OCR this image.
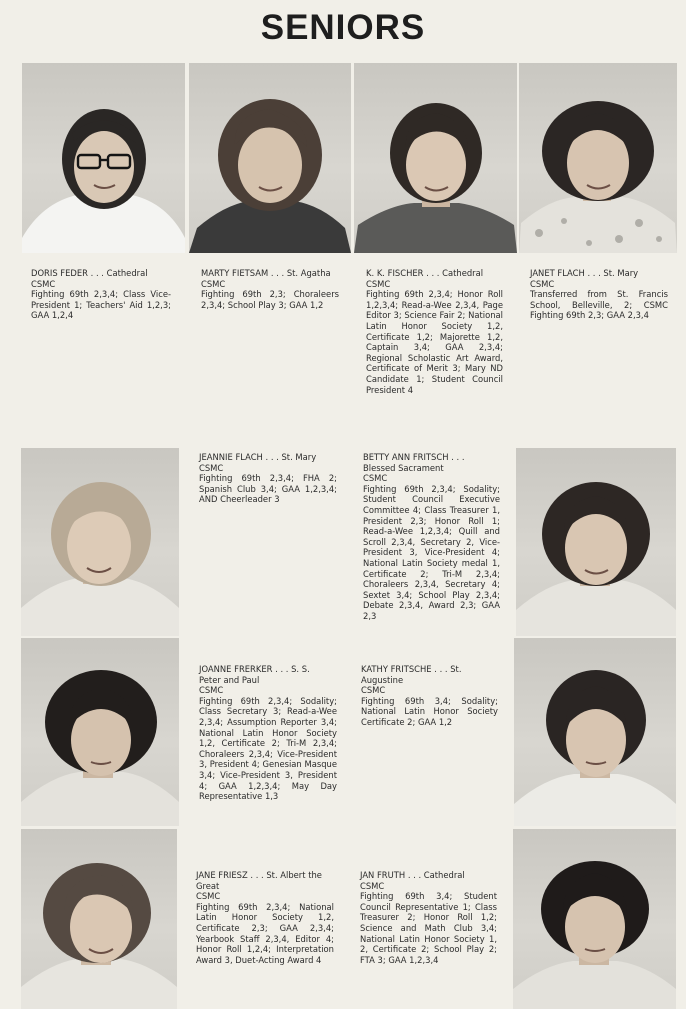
SENIORS
DORIS FEDER . . . Cathedral
CSMC
Fighting 69th 2,3,4; Class Vice-President 1; Teachers' Aid 1,2,3; GAA 1,2,4
MARTY FIETSAM . . . St. Agatha
CSMC
Fighting 69th 2,3; Choraleers 2,3,4; School Play 3; GAA 1,2
K. K. FISCHER . . . Cathedral
CSMC
Fighting 69th 2,3,4; Honor Roll 1,2,3,4; Read-a-Wee 2,3,4, Page Editor 3; Science Fair 2; National Latin Honor Society 1,2, Certificate 1,2; Majorette 1,2, Captain 3,4; GAA 2,3,4; Regional Scholastic Art Award, Certificate of Merit 3; Mary ND Candidate 1; Student Council President 4
JANET FLACH . . . St. Mary
CSMC
Transferred from St. Francis School, Belleville, 2; CSMC Fighting 69th 2,3; GAA 2,3,4
JEANNIE FLACH . . . St. Mary
CSMC
Fighting 69th 2,3,4; FHA 2; Spanish Club 3,4; GAA 1,2,3,4; AND Cheerleader 3
BETTY ANN FRITSCH . . .
Blessed Sacrament
CSMC
Fighting 69th 2,3,4; Sodality; Student Council Executive Committee 4; Class Treasurer 1, President 2,3; Honor Roll 1; Read-a-Wee 1,2,3,4; Quill and Scroll 2,3,4, Secretary 2, Vice-President 3, Vice-President 4; National Latin Society medal 1, Certificate 2; Tri-M 2,3,4; Choraleers 2,3,4, Secretary 4; Sextet 3,4; School Play 2,3,4; Debate 2,3,4, Award 2,3; GAA 2,3
JOANNE FRERKER . . . S. S.
Peter and Paul
CSMC
Fighting 69th 2,3,4; Sodality; Class Secretary 3; Read-a-Wee 2,3,4; Assumption Reporter 3,4; National Latin Honor Society 1,2, Certificate 2; Tri-M 2,3,4; Choraleers 2,3,4; Vice-President 3, President 4; Genesian Masque 3,4; Vice-President 3, President 4; GAA 1,2,3,4; May Day Representative 1,3
KATHY FRITSCHE . . . St.
Augustine
CSMC
Fighting 69th 3,4; Sodality; National Latin Honor Society Certificate 2; GAA 1,2
JANE FRIESZ . . . St. Albert the
Great
CSMC
Fighting 69th 2,3,4; National Latin Honor Society 1,2, Certificate 2,3; GAA 2,3,4; Yearbook Staff 2,3,4, Editor 4; Honor Roll 1,2,4; Interpretation Award 3, Duet-Acting Award 4
JAN FRUTH . . . Cathedral
CSMC
Fighting 69th 3,4; Student Council Representative 1; Class Treasurer 2; Honor Roll 1,2; Science and Math Club 3,4; National Latin Honor Society 1, 2, Certificate 2; School Play 2; FTA 3; GAA 1,2,3,4
